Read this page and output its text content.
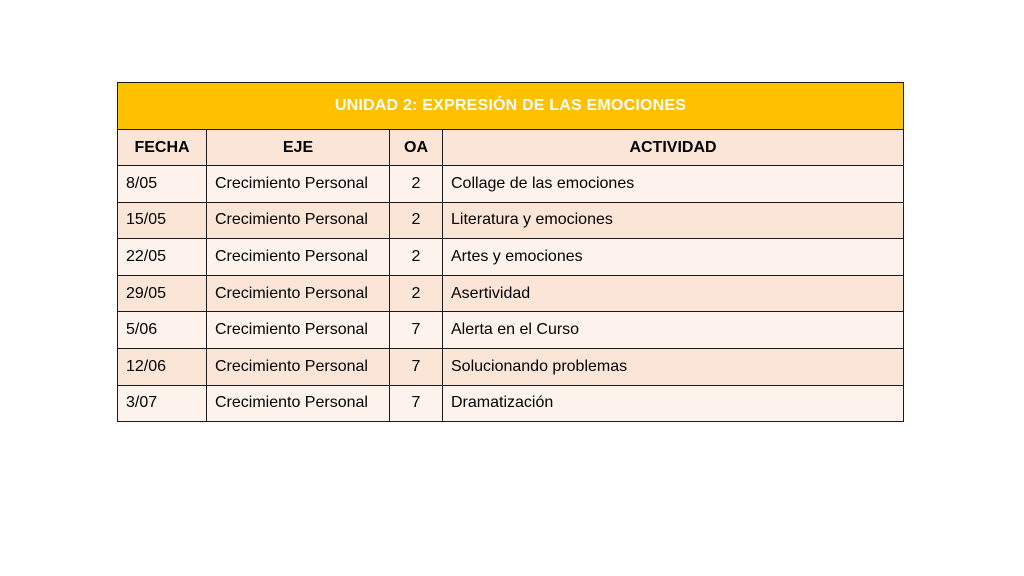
UNIDAD 2: EXPRESIÓN DE LAS EMOCIONES			
FECHA	EJE	OA	ACTIVIDAD
8/05	Crecimiento Personal	2	Collage de las emociones
15/05	Crecimiento Personal	2	Literatura y emociones
22/05	Crecimiento Personal	2	Artes y emociones
29/05	Crecimiento Personal	2	Asertividad
5/06	Crecimiento Personal	7	Alerta en el Curso
12/06	Crecimiento Personal	7	Solucionando problemas
3/07	Crecimiento Personal	7	Dramatización
